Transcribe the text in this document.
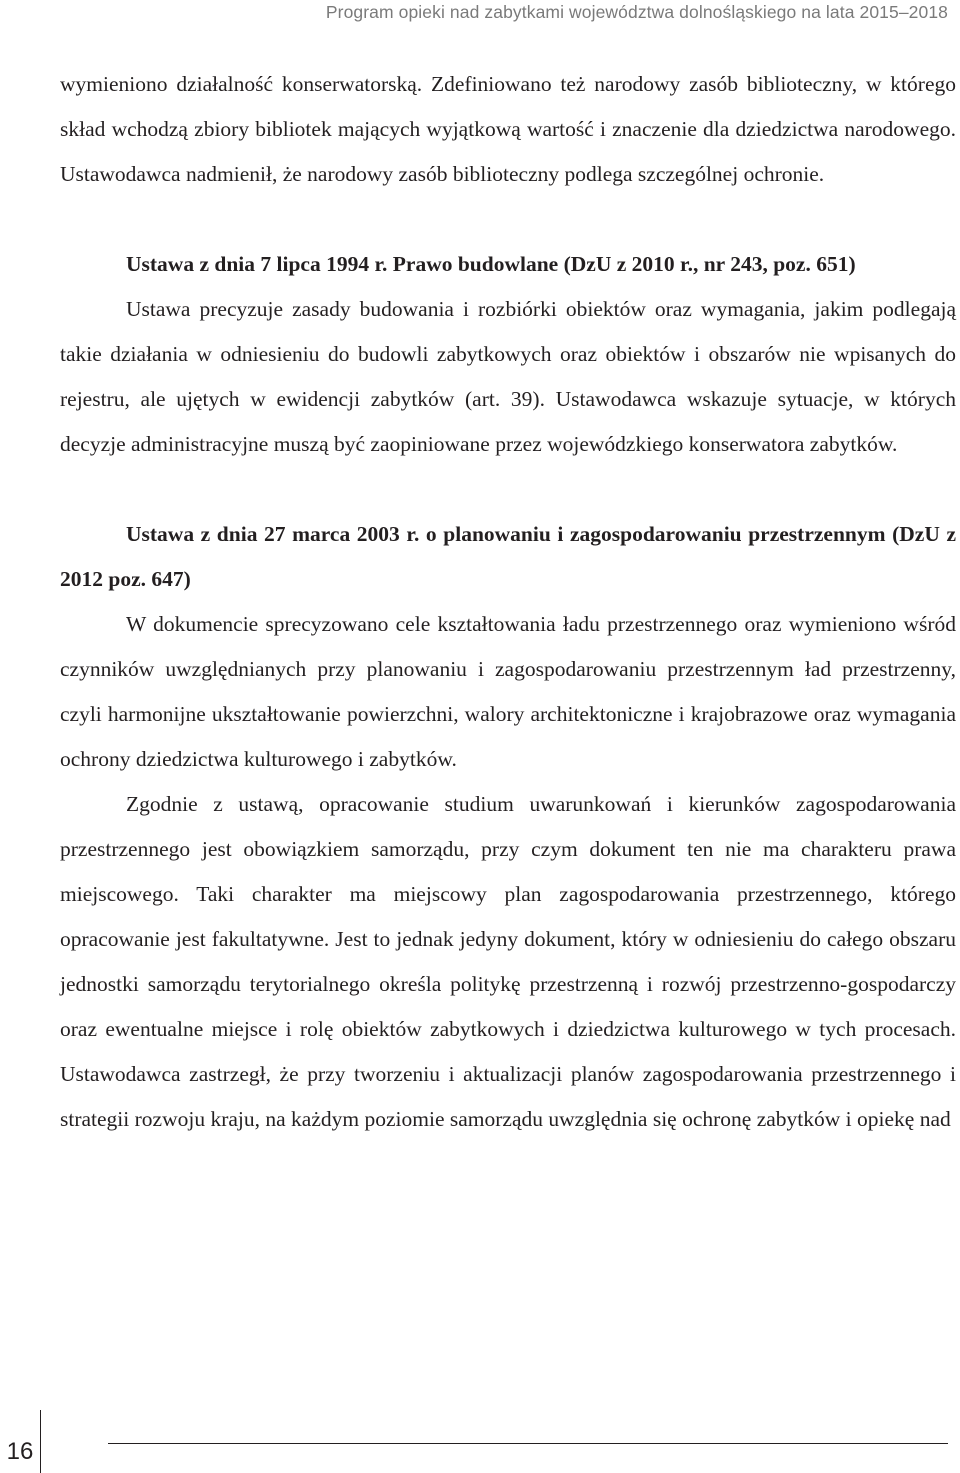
Program opieki nad zabytkami województwa dolnośląskiego na lata 2015–2018

wymieniono działalność konserwatorską. Zdefiniowano też narodowy zasób biblioteczny, w którego skład wchodzą zbiory bibliotek mających wyjątkową wartość i znaczenie dla dziedzictwa narodowego. Ustawodawca nadmienił, że narodowy zasób biblioteczny podlega szczególnej ochronie.

Ustawa z dnia 7 lipca 1994 r. Prawo budowlane (DzU z 2010 r., nr 243, poz. 651)

Ustawa precyzuje zasady budowania i rozbiórki obiektów oraz wymagania, jakim podlegają takie działania w odniesieniu do budowli zabytkowych oraz obiektów i obszarów nie wpisanych do rejestru, ale ujętych w ewidencji zabytków (art. 39). Ustawodawca wskazuje sytuacje, w których decyzje administracyjne muszą być zaopiniowane przez wojewódzkiego konserwatora zabytków.

Ustawa z dnia 27 marca 2003 r. o planowaniu i zagospodarowaniu przestrzennym (DzU z 2012 poz. 647)

W dokumencie sprecyzowano cele kształtowania ładu przestrzennego oraz wymieniono wśród czynników uwzględnianych przy planowaniu i zagospodarowaniu przestrzennym ład przestrzenny, czyli harmonijne ukształtowanie powierzchni, walory architektoniczne i krajobrazowe oraz wymagania ochrony dziedzictwa kulturowego i zabytków.

Zgodnie z ustawą, opracowanie studium uwarunkowań i kierunków zagospodarowania przestrzennego jest obowiązkiem samorządu, przy czym dokument ten nie ma charakteru prawa miejscowego. Taki charakter ma miejscowy plan zagospodarowania przestrzennego, którego opracowanie jest fakultatywne. Jest to jednak jedyny dokument, który w odniesieniu do całego obszaru jednostki samorządu terytorialnego określa politykę przestrzenną i rozwój przestrzenno-gospodarczy oraz ewentualne miejsce i rolę obiektów zabytkowych i dziedzictwa kulturowego w tych procesach. Ustawodawca zastrzegł, że przy tworzeniu i aktualizacji planów zagospodarowania przestrzennego i strategii rozwoju kraju, na każdym poziomie samorządu uwzględnia się ochronę zabytków i opiekę nad

16
